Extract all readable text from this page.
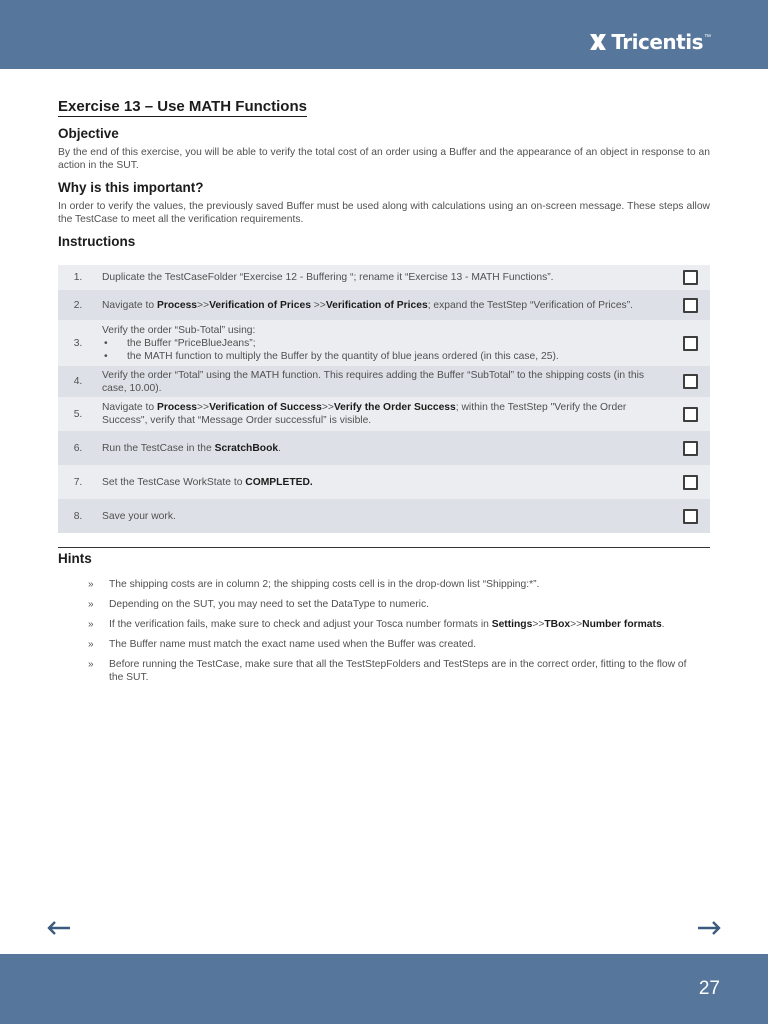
Tricentis ™
Exercise 13 – Use MATH Functions
Objective

By the end of this exercise, you will be able to verify the total cost of an order using a Buffer and the appearance of an object in response to an action in the SUT.

Why is this important?

In order to verify the values, the previously saved Buffer must be used along with calculations using an on-screen message. These steps allow the TestCase to meet all the verification requirements.

Instructions
1.	Duplicate the TestCaseFolder “Exercise 12 - Buffering “; rename it “Exercise 13 - MATH Functions”.	
2.	Navigate to Process>>Verification of Prices >>Verification of Prices; expand the TestStep “Verification of Prices”.	
3.	Verify the order “Sub-Total” using:
• the Buffer “PriceBlueJeans”;
• the MATH function to multiply the Buffer by the quantity of blue jeans ordered (in this case, 25).	

4.	Verify the order “Total” using the MATH function. This requires adding the Buffer “SubTotal” to the shipping costs (in this case, 10.00).	
5.	Navigate to Process>>Verification of Success>>Verify the Order Success; within the TestStep "Verify the Order Success", verify that “Message Order successful” is visible.	
6.	Run the TestCase in the ScratchBook.	
7.	Set the TestCase WorkState to COMPLETED.	
8.	Save your work.	
Hints
»	The shipping costs are in column 2; the shipping costs cell is in the drop-down list “Shipping:*”.
»	Depending on the SUT, you may need to set the DataType to numeric.
»	If the verification fails, make sure to check and adjust your Tosca number formats in Settings>>TBox>>Number formats.
»	The Buffer name must match the exact name used when the Buffer was created.
»	Before running the TestCase, make sure that all the TestStepFolders and TestSteps are in the correct order, fitting to the flow of the SUT.
27
